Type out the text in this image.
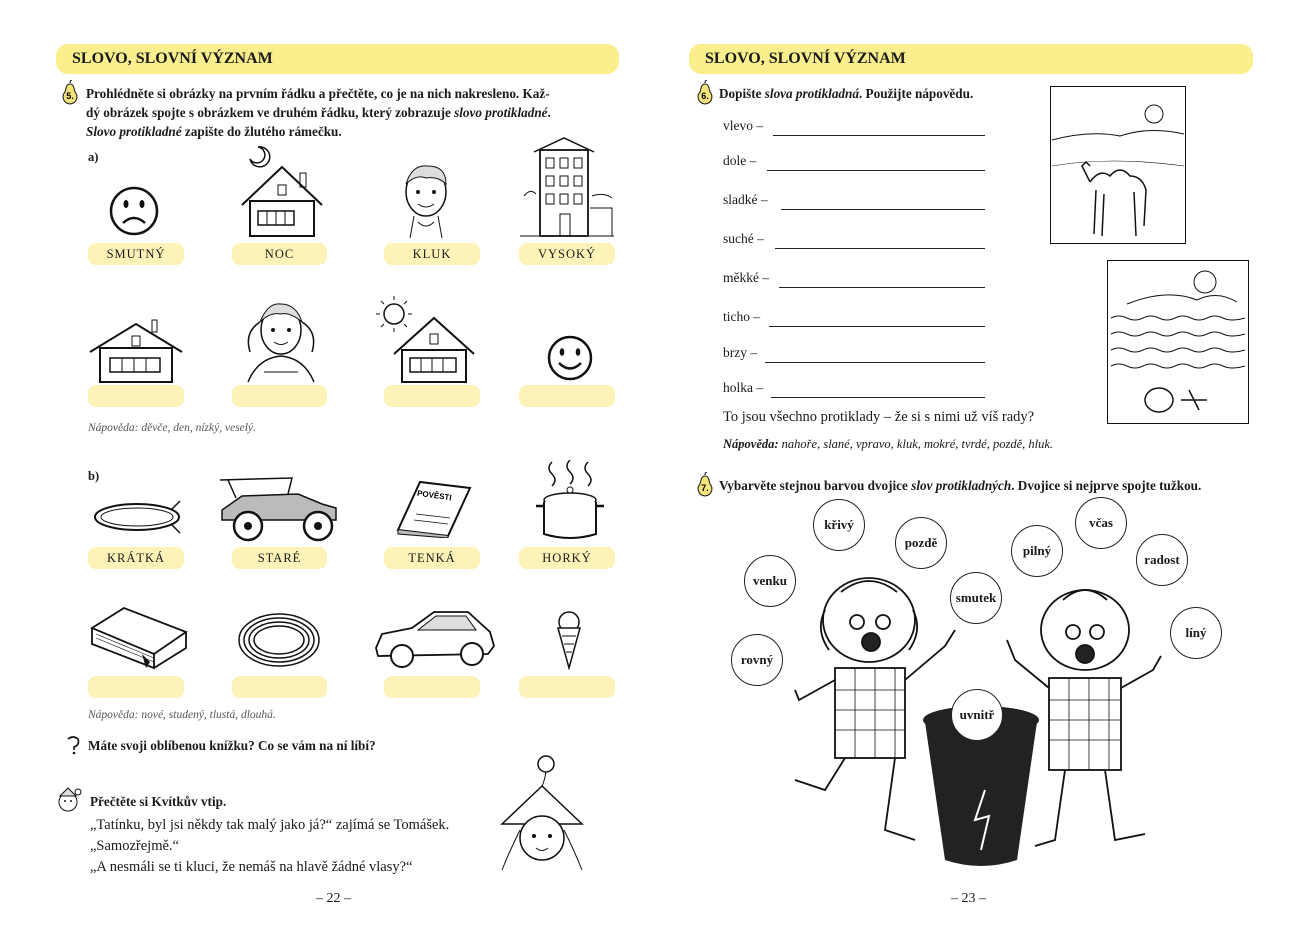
SLOVO, SLOVNÍ VÝZNAM
5. Prohlédněte si obrázky na prvním řádku a přečtěte, co je na nich nakresleno. Kaž-
dý obrázek spojte s obrázkem ve druhém řádku, který zobrazuje slovo protikladné.
Slovo protikladné zapište do žlutého rámečku.
a)
SMUTNÝ	NOC	KLUK	VYSOKÝ
Nápověda: děvče, den, nízký, veselý.
b)
POVĚSTI
KRÁTKÁ	STARÉ	TENKÁ	HORKÝ
Nápověda: nové, studený, tlustá, dlouhá.
Máte svoji oblíbenou knížku? Co se vám na ní líbí?
Přečtěte si Kvítkův vtip.
„Tatínku, byl jsi někdy tak malý jako já?“ zajímá se Tomášek.
„Samozřejmě.“
„A nesmáli se ti kluci, že nemáš na hlavě žádné vlasy?“
– 22 –
SLOVO, SLOVNÍ VÝZNAM
6. Dopište slova protikladná. Použijte nápovědu.
vlevo –
dole –
sladké –
suché –
měkké –
ticho –
brzy –
holka –
To jsou všechno protiklady – že si s nimi už víš rady?
Nápověda: nahoře, slané, vpravo, kluk, mokré, tvrdé, pozdě, hluk.
7. Vybarvěte stejnou barvou dvojice slov protikladných. Dvojice si nejprve spojte tužkou.
křivý
pozdě
pilný
včas
radost
venku
smutek
líný
rovný
uvnitř
– 23 –
